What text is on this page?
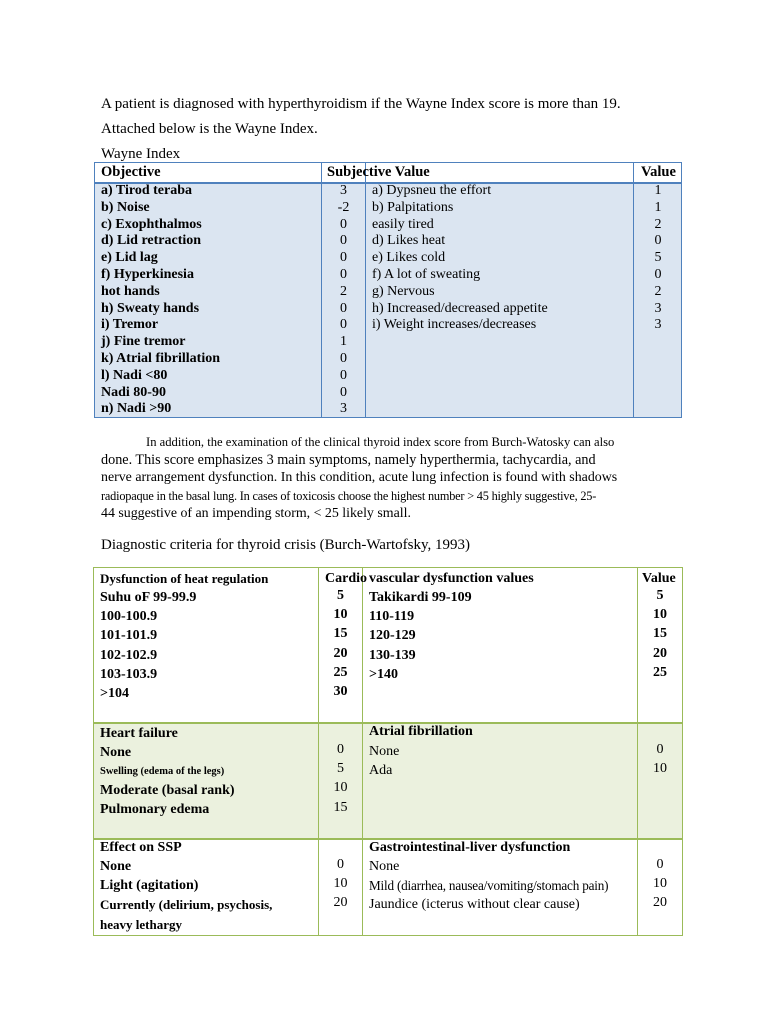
A patient is diagnosed with hyperthyroidism if the Wayne Index score is more than 19.
Attached below is the Wayne Index.
Wayne Index
Objective	Subjective Value	Value
a) Tirod teraba
b) Noise
c) Exophthalmos
d) Lid retraction
e) Lid lag
f) Hyperkinesia
hot hands
h) Sweaty hands
i) Tremor
j) Fine tremor
k) Atrial fibrillation
l) Nadi <80
Nadi 80-90
n) Nadi >90
3
-2
0
0
0
0
2
0
0
1
0
0
0
3
a) Dypsneu the effort
b) Palpitations
easily tired
d) Likes heat
e) Likes cold
f) A lot of sweating
g) Nervous
h) Increased/decreased appetite
i) Weight increases/decreases
1
1
2
0
5
0
2
3
3
In addition, the examination of the clinical thyroid index score from Burch-Watosky can also
done. This score emphasizes 3 main symptoms, namely hyperthermia, tachycardia, and
nerve arrangement dysfunction. In this condition, acute lung infection is found with shadows
radiopaque in the basal lung. In cases of toxicosis choose the highest number > 45 highly suggestive, 25-
44 suggestive of an impending storm, < 25 likely small.
Diagnostic criteria for thyroid crisis (Burch-Wartofsky, 1993)
Dysfunction of heat regulation
Suhu oF 99-99.9
100-100.9
101-101.9
102-102.9
103-103.9
>104
Cardio
5
10
15
20
25
30
vascular dysfunction values
Takikardi 99-109
110-119
120-129
130-139
>140
Value
5
10
15
20
25
Heart failure
None
Swelling (edema of the legs)
Moderate (basal rank)
Pulmonary edema
0
5
10
15
Atrial fibrillation
None
Ada
0
10
Effect on SSP
None
Light (agitation)
Currently (delirium, psychosis,
heavy lethargy
0
10
20
Gastrointestinal-liver dysfunction
None
Mild (diarrhea, nausea/vomiting/stomach pain)
Jaundice (icterus without clear cause)
0
10
20
